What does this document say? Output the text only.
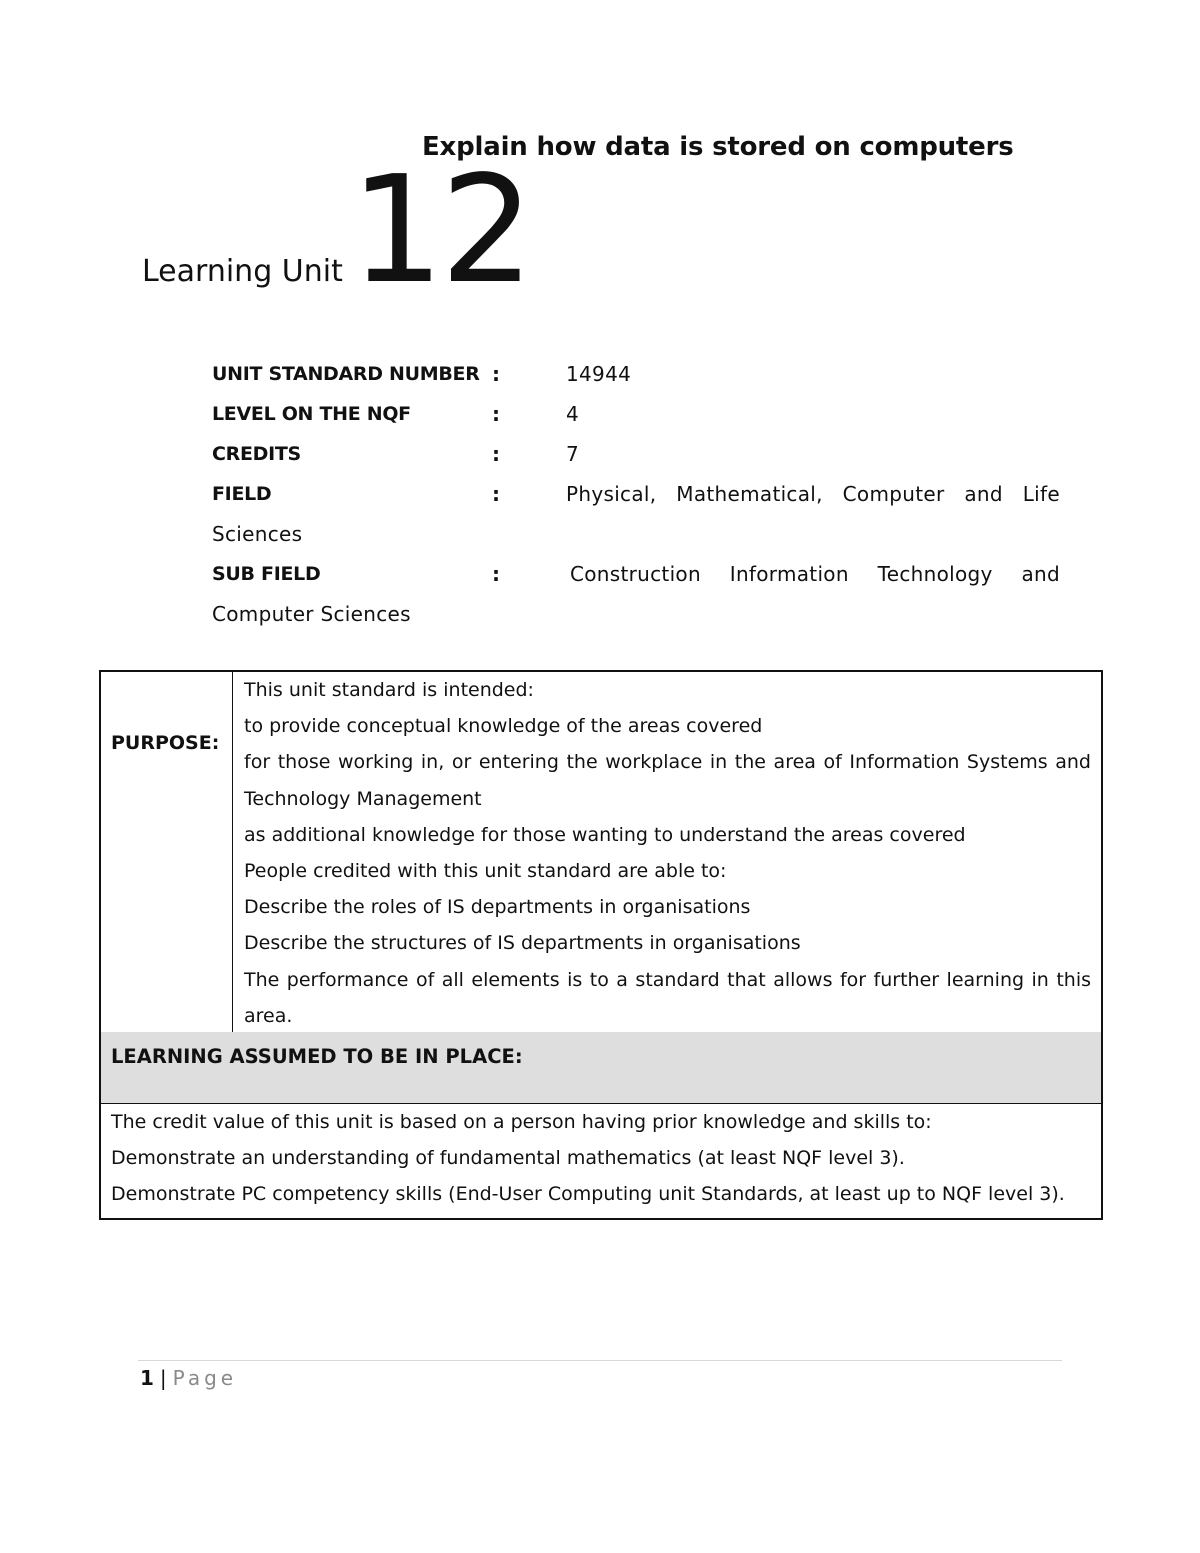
Explain how data is stored on computers
Learning Unit 12
UNIT STANDARD NUMBER :	14944
LEVEL ON THE NQF	:	4
CREDITS	:	7
FIELD	:	Physical, Mathematical, Computer and Life
Sciences
SUB FIELD	:	Construction Information Technology and
Computer Sciences
PURPOSE:

This unit standard is intended:

to provide conceptual knowledge of the areas covered

for those working in, or entering the workplace in the area of Information Systems and Technology Management

as additional knowledge for those wanting to understand the areas covered

People credited with this unit standard are able to:

Describe the roles of IS departments in organisations

Describe the structures of IS departments in organisations

The performance of all elements is to a standard that allows for further learning in this area.

LEARNING ASSUMED TO BE IN PLACE:

The credit value of this unit is based on a person having prior knowledge and skills to:

Demonstrate an understanding of fundamental mathematics (at least NQF level 3).

Demonstrate PC competency skills (End-User Computing unit Standards, at least up to NQF level 3).

1 | Page
